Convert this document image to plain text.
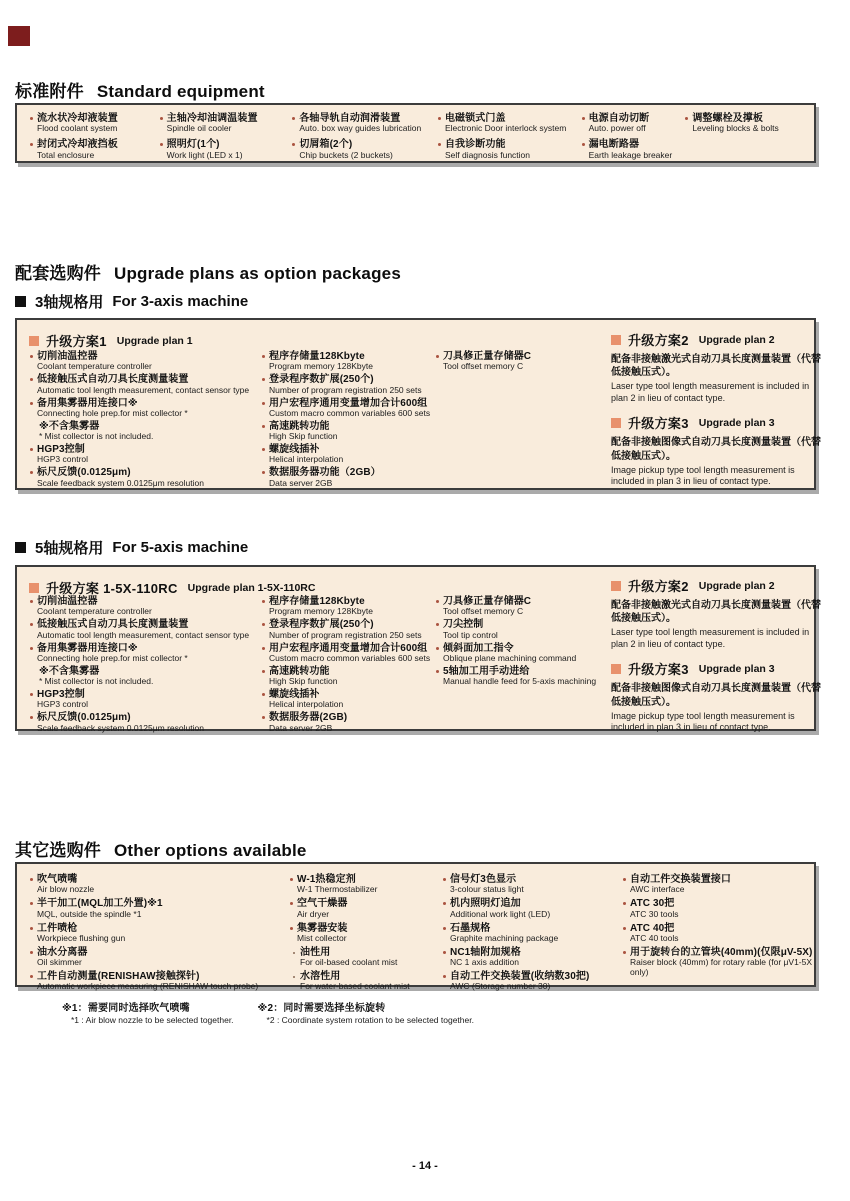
标准附件 Standard equipment
流水状冷却液装置
Flood coolant system
封闭式冷却液挡板
Total enclosure
主轴冷却油调温装置
Spindle oil cooler
照明灯(1个)
Work light (LED x 1)
各轴导轨自动润滑装置
Auto. box way guides lubrication
切屑箱(2个)
Chip buckets (2 buckets)
电磁锁式门盖
Electronic Door interlock system
自我诊断功能
Self diagnosis function
电源自动切断
Auto. power off
漏电断路器
Earth leakage breaker
调整螺栓及撑板
Leveling blocks & bolts
配套选购件 Upgrade plans as option packages
3轴规格用 For 3-axis machine
升级方案1 Upgrade plan 1
切削油温控器
Coolant temperature controller
低接触压式自动刀具长度测量装置
Automatic tool length measurement, contact sensor type
备用集雾器用连接口※
Connecting hole prep.for mist collector *
※不含集雾器
* Mist collector is not included.
HGP3控制
HGP3 control
标尺反馈(0.0125μm)
Scale feedback system 0.0125μm resolution
程序存储量128Kbyte
Program memory 128Kbyte
登录程序数扩展(250个)
Number of program registration 250 sets
用户宏程序通用变量增加合计600组
Custom macro common variables 600 sets
高速跳转功能
High Skip function
螺旋线插补
Helical interpolation
数据服务器功能（2GB）
Data server 2GB
刀具修正量存储器C
Tool offset memory C
升级方案2 Upgrade plan 2
配备非接触激光式自动刀具长度测量装置（代替低接触压式）。
Laser type tool length measurement is included in plan 2 in lieu of contact type.
升级方案3 Upgrade plan 3
配备非接触图像式自动刀具长度测量装置（代替低接触压式）。
Image pickup type tool length measurement is included in plan 3 in lieu of contact type.
5轴规格用 For 5-axis machine
升级方案 1-5X-110RC Upgrade plan 1-5X-110RC
切削油温控器
Coolant temperature controller
低接触压式自动刀具长度测量装置
Automatic tool length measurement, contact sensor type
备用集雾器用连接口※
Connecting hole prep.for mist collector *
※不含集雾器
* Mist collector is not included.
HGP3控制
HGP3 control
标尺反馈(0.0125μm)
Scale feedback system 0.0125μm resolution
程序存储量128Kbyte
Program memory 128Kbyte
登录程序数扩展(250个)
Number of program registration 250 sets
用户宏程序通用变量增加合计600组
Custom macro common variables 600 sets
高速跳转功能
High Skip function
螺旋线插补
Helical interpolation
数据服务器(2GB)
Data server 2GB
刀具修正量存储器C
Tool offset memory C
刀尖控制
Tool tip control
倾斜面加工指令
Oblique plane machining command
5轴加工用手动进给
Manual handle feed for 5-axis machining
升级方案2 Upgrade plan 2
配备非接触激光式自动刀具长度测量装置（代替低接触压式）。
Laser type tool length measurement is included in plan 2 in lieu of contact type.
升级方案3 Upgrade plan 3
配备非接触图像式自动刀具长度测量装置（代替低接触压式）。
Image pickup type tool length measurement is included in plan 3 in lieu of contact type.
其它选购件 Other options available
吹气喷嘴
Air blow nozzle
半干加工(MQL加工外置)※1
MQL, outside the spindle *1
工件喷枪
Workpiece flushing gun
油水分离器
Oil skimmer
工件自动测量(RENISHAW接触探针)
Automatic workpiece measuring (RENISHAW touch probe)
W-1热稳定剂
W-1 Thermostabilizer
空气干燥器
Air dryer
集雾器安装
Mist collector
油性用
For oil-based coolant mist
水溶性用
For water-based coolant mist
信号灯3色显示
3-colour status light
机内照明灯追加
Additional work light (LED)
石墨规格
Graphite machining package
NC1轴附加规格
NC 1 axis addition
自动工件交换装置(收纳数30把)
AWC (Storage number 30)
自动工件交换装置接口
AWC interface
ATC 30把
ATC 30 tools
ATC 40把
ATC 40 tools
用于旋转台的立管块(40mm)(仅限μV-5X)
Raiser block (40mm) for rotary rable (for μV1-5X only)
※1：需要同时选择吹气喷嘴
*1 : Air blow nozzle to be selected together.
※2：同时需要选择坐标旋转
*2 : Coordinate system rotation to be selected together.
- 14 -
